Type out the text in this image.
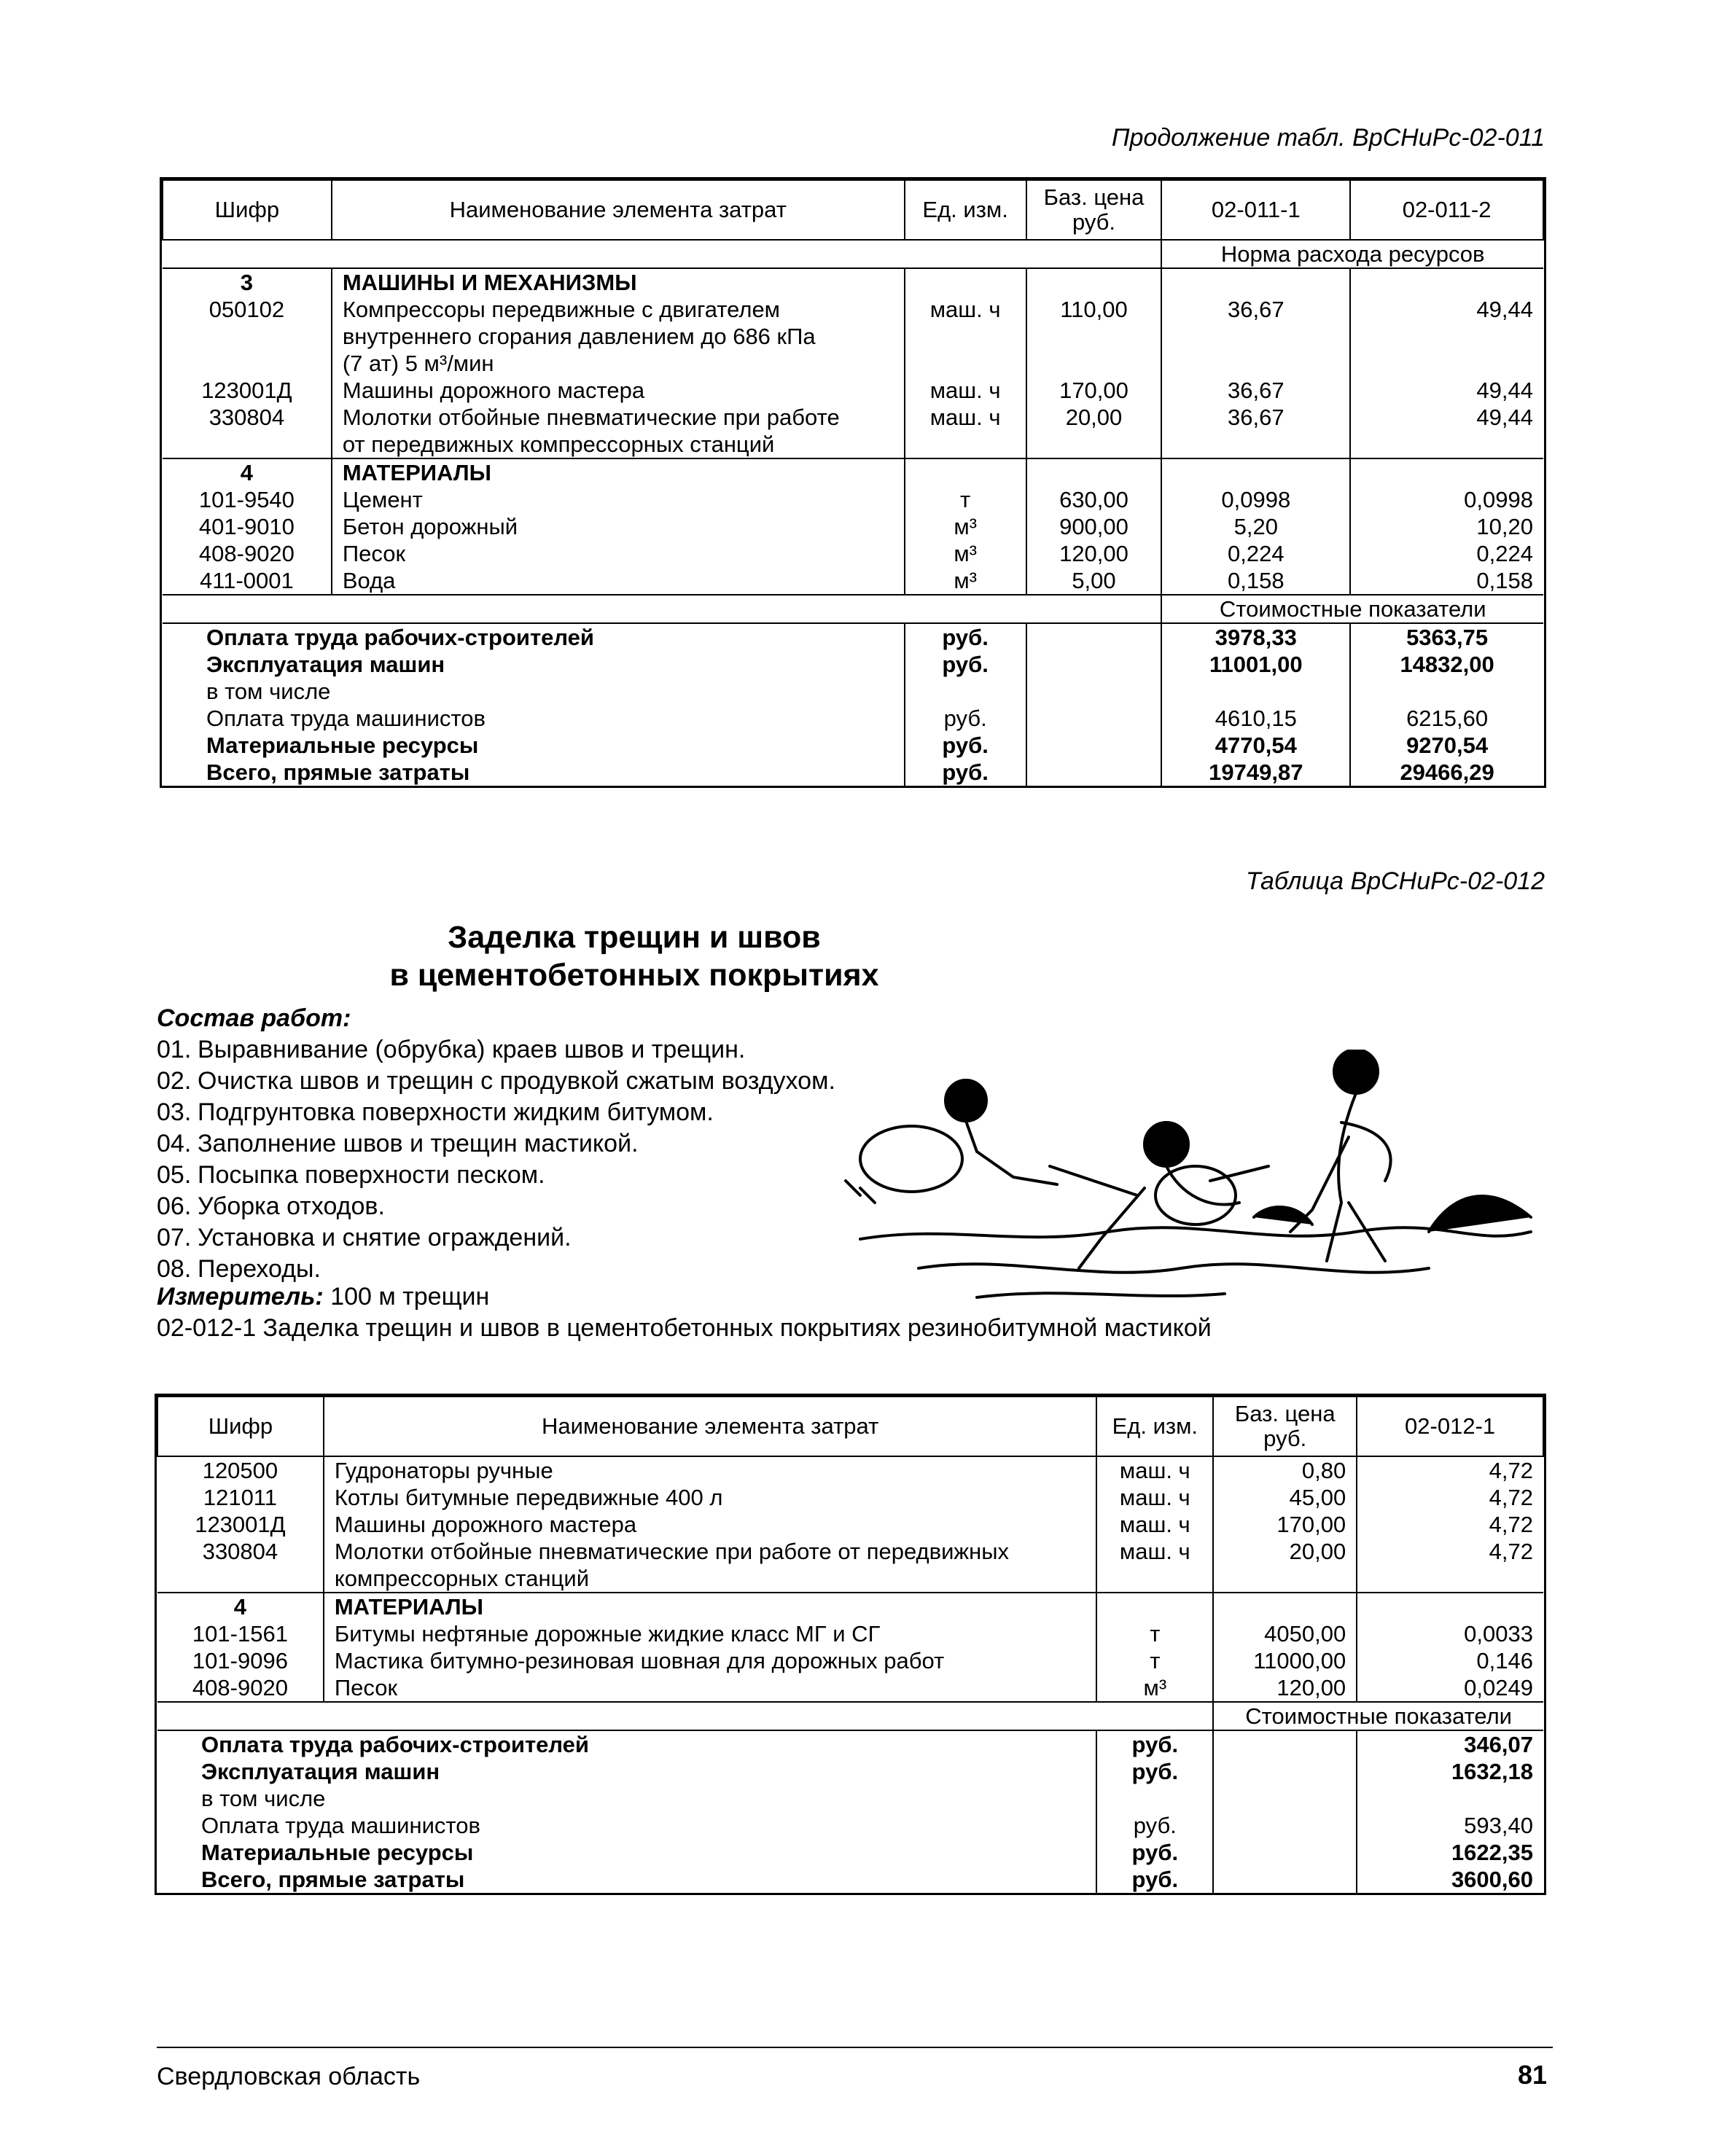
Продолжение табл. ВрСНиРс-02-011
Шифр	Наименование элемента затрат	Ед. изм.	Баз. цена руб.	02-011-1	02-011-2
				Норма расхода ресурсов	
3	МАШИНЫ И МЕХАНИЗМЫ				
050102	Компрессоры передвижные с двигателем	маш. ч	110,00	36,67	49,44
	внутреннего сгорания давлением до 686 кПа				
	(7 ат) 5 м³/мин				
123001Д	Машины дорожного мастера	маш. ч	170,00	36,67	49,44
330804	Молотки отбойные пневматические при работе	маш. ч	20,00	36,67	49,44
	от передвижных компрессорных станций				
4	МАТЕРИАЛЫ				
101-9540	Цемент	т	630,00	0,0998	0,0998
401-9010	Бетон дорожный	м³	900,00	5,20	10,20
408-9020	Песок	м³	120,00	0,224	0,224
411-0001	Вода	м³	5,00	0,158	0,158
				Стоимостные показатели	
Оплата труда рабочих-строителей		руб.		3978,33	5363,75
Эксплуатация машин		руб.		11001,00	14832,00
в том числе					
Оплата труда машинистов		руб.		4610,15	6215,60
Материальные ресурсы		руб.		4770,54	9270,54
Всего, прямые затраты		руб.		19749,87	29466,29
Таблица ВрСНиРс-02-012
Заделка трещин и швов
в цементобетонных покрытиях
Состав работ:
01. Выравнивание (обрубка) краев швов и трещин.
02. Очистка швов и трещин с продувкой сжатым воздухом.
03. Подгрунтовка поверхности жидким битумом.
04. Заполнение швов и трещин мастикой.
05. Посыпка поверхности песком.
06. Уборка отходов.
07. Установка и снятие ограждений.
08. Переходы.
Измеритель: 100 м трещин
02-012-1 Заделка трещин и швов в цементобетонных покрытиях резинобитумной мастикой
Шифр	Наименование элемента затрат	Ед. изм.	Баз. цена руб.	02-012-1
120500	Гудронаторы ручные	маш. ч	0,80	4,72
121011	Котлы битумные передвижные 400 л	маш. ч	45,00	4,72
123001Д	Машины дорожного мастера	маш. ч	170,00	4,72
330804	Молотки отбойные пневматические при работе от передвижных	маш. ч	20,00	4,72
	компрессорных станций			
4	МАТЕРИАЛЫ			
101-1561	Битумы нефтяные дорожные жидкие класс МГ и СГ	т	4050,00	0,0033
101-9096	Мастика битумно-резиновая шовная для дорожных работ	т	11000,00	0,146
408-9020	Песок	м³	120,00	0,0249
			Стоимостные показатели	
Оплата труда рабочих-строителей		руб.		346,07
Эксплуатация машин		руб.		1632,18
в том числе				
Оплата труда машинистов		руб.		593,40
Материальные ресурсы		руб.		1622,35
Всего, прямые затраты		руб.		3600,60
Свердловская область	81
